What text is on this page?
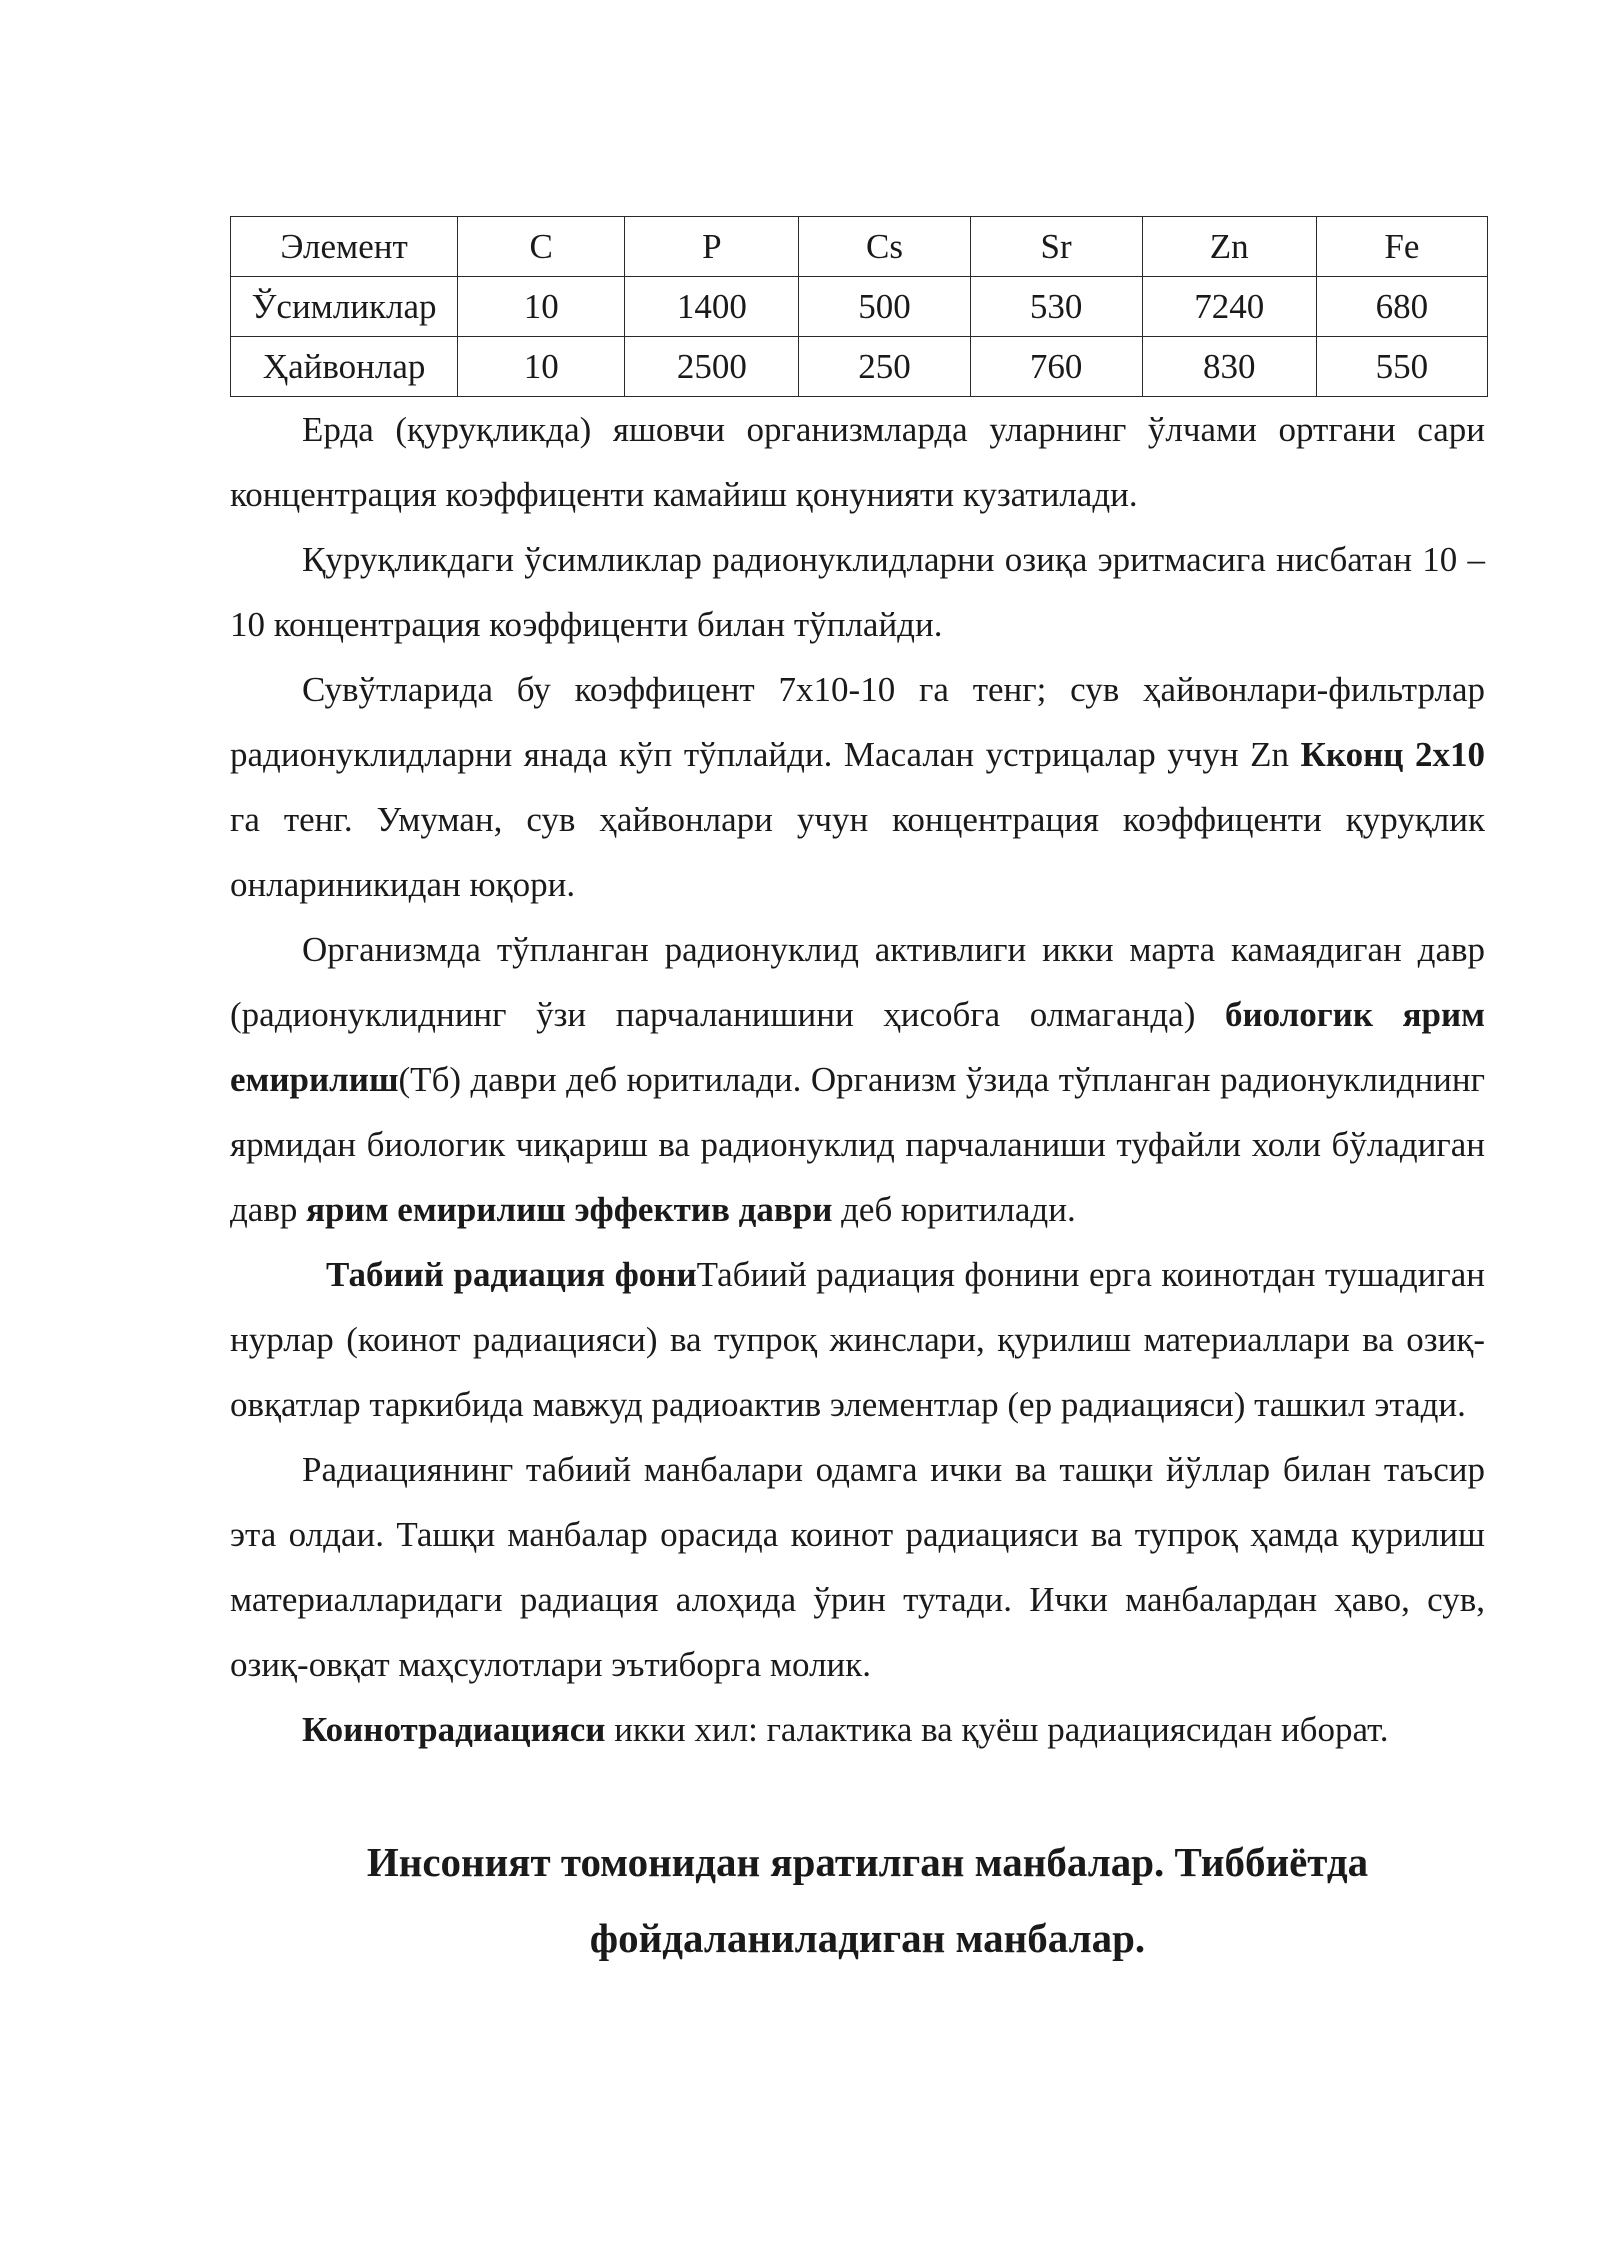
Элемент	C	P	Cs	Sr	Zn	Fe
Ўсимликлар	10	1400	500	530	7240	680
Ҳайвонлар	10	2500	250	760	830	550

Ерда (қуруқликда) яшовчи организмларда уларнинг ўлчами ортгани сари концентрация коэффиценти камайиш қонунияти кузатилади.

Қуруқликдаги ўсимликлар радионуклидларни озиқа эритмасига нисбатан 10 – 10 концентрация коэффиценти билан тўплайди.

Сувўтларида бу коэффицент 7х10-10 га тенг; сув ҳайвонлари-фильтрлар радионуклидларни янада кўп тўплайди. Масалан устрицалар учун Zn Кконц 2х10 га тенг. Умуман, сув ҳайвонлари учун концентрация коэффиценти қуруқлик онлариникидан юқори.

Организмда тўпланган радионуклид активлиги икки марта камаядиган давр (радионуклиднинг ўзи парчаланишини ҳисобга олмаганда) биологик ярим емирилиш(Тб) даври деб юритилади. Организм ўзида тўпланган радионуклиднинг ярмидан биологик чиқариш ва радионуклид парчаланиши туфайли холи бўладиган давр ярим емирилиш эффектив даври деб юритилади.

Табиий радиация фониТабиий радиация фонини ерга коинотдан тушадиган нурлар (коинот радиацияси) ва тупроқ жинслари, қурилиш материаллари ва озиқ-овқатлар таркибида мавжуд радиоактив элементлар (ер радиацияси) ташкил этади.

Радиациянинг табиий манбалари одамга ички ва ташқи йўллар билан таъсир эта олдаи. Ташқи манбалар орасида коинот радиацияси ва тупроқ ҳамда қурилиш материалларидаги радиация алоҳида ўрин тутади. Ички манбалардан ҳаво, сув, озиқ-овқат маҳсулотлари эътиборга молик.

Коинотрадиацияси икки хил: галактика ва қуёш радиациясидан иборат.

Инсоният томонидан яратилган манбалар. Тиббиётда
фойдаланиладиган манбалар.
